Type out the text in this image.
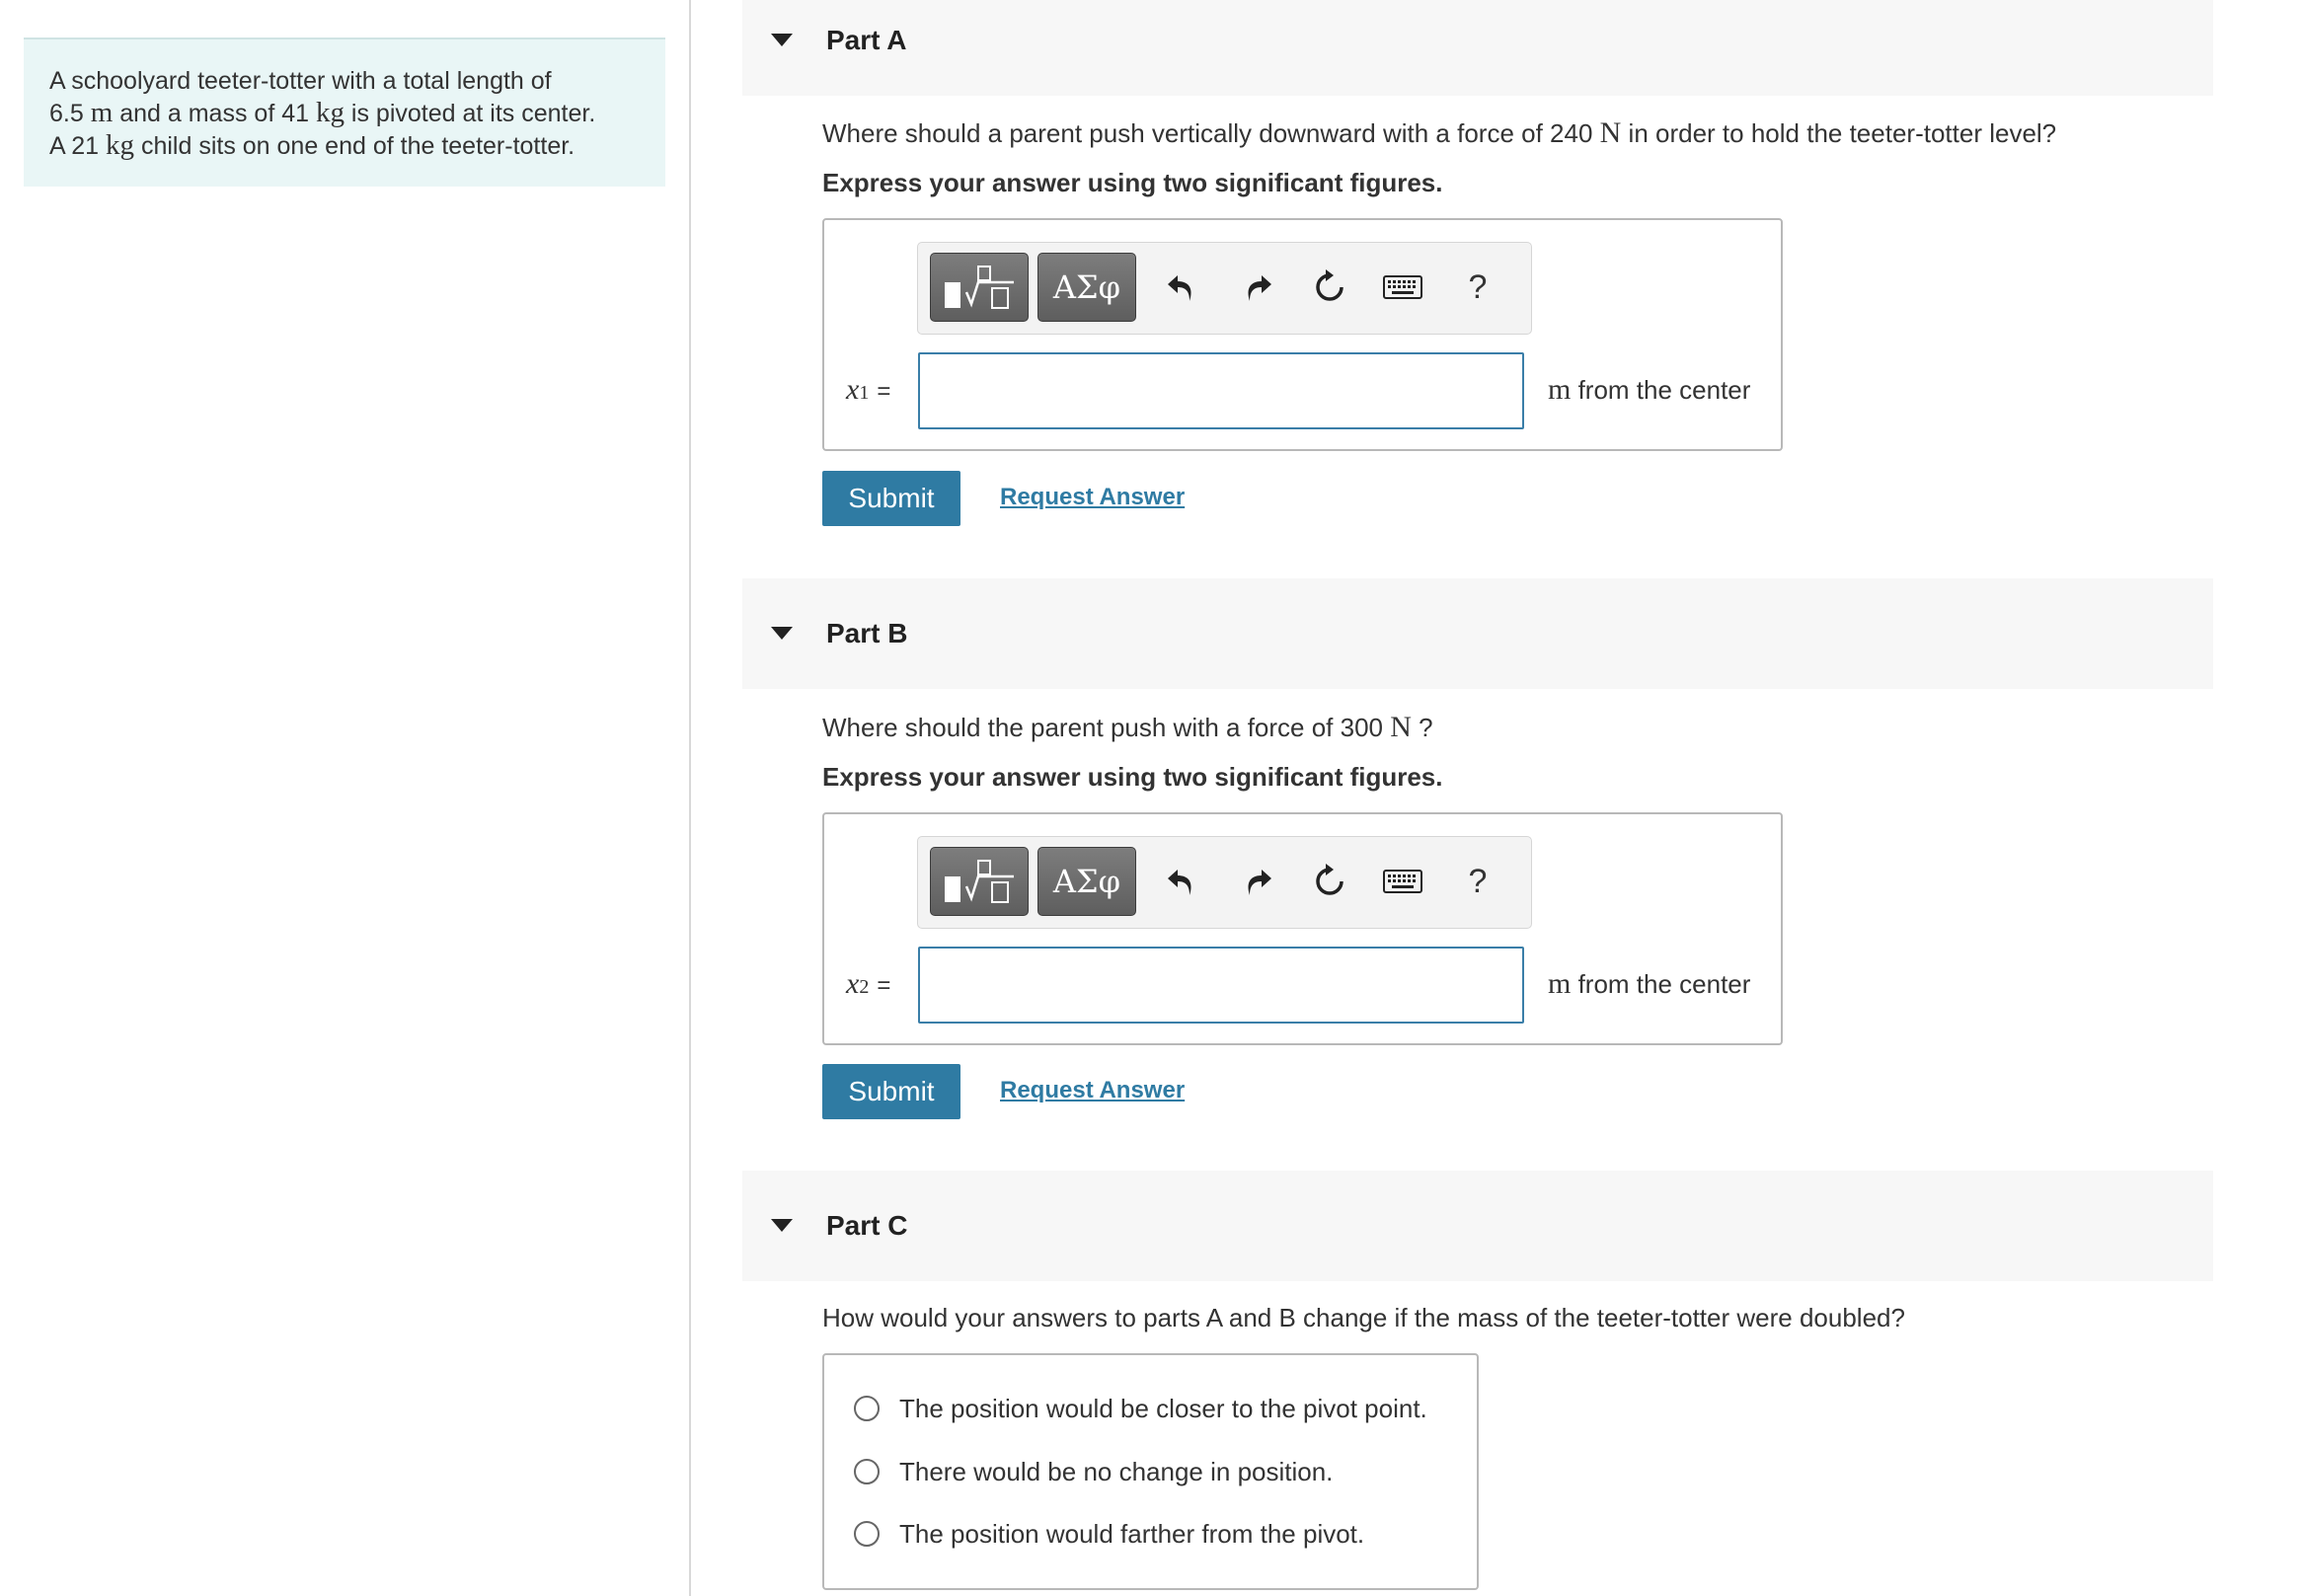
A schoolyard teeter-totter with a total length of
6.5 m and a mass of 41 kg is pivoted at its center.
A 21 kg child sits on one end of the teeter-totter.
Part A
Where should a parent push vertically downward with a force of 240 N in order to hold the teeter-totter level?
Express your answer using two significant figures.
ΑΣφ	?
x1 =	m from the center
Submit	Request Answer
Part B
Where should the parent push with a force of 300 N ?
Express your answer using two significant figures.
ΑΣφ	?
x2 =	m from the center
Submit	Request Answer
Part C
How would your answers to parts A and B change if the mass of the teeter-totter were doubled?
The position would be closer to the pivot point.
There would be no change in position.
The position would farther from the pivot.
